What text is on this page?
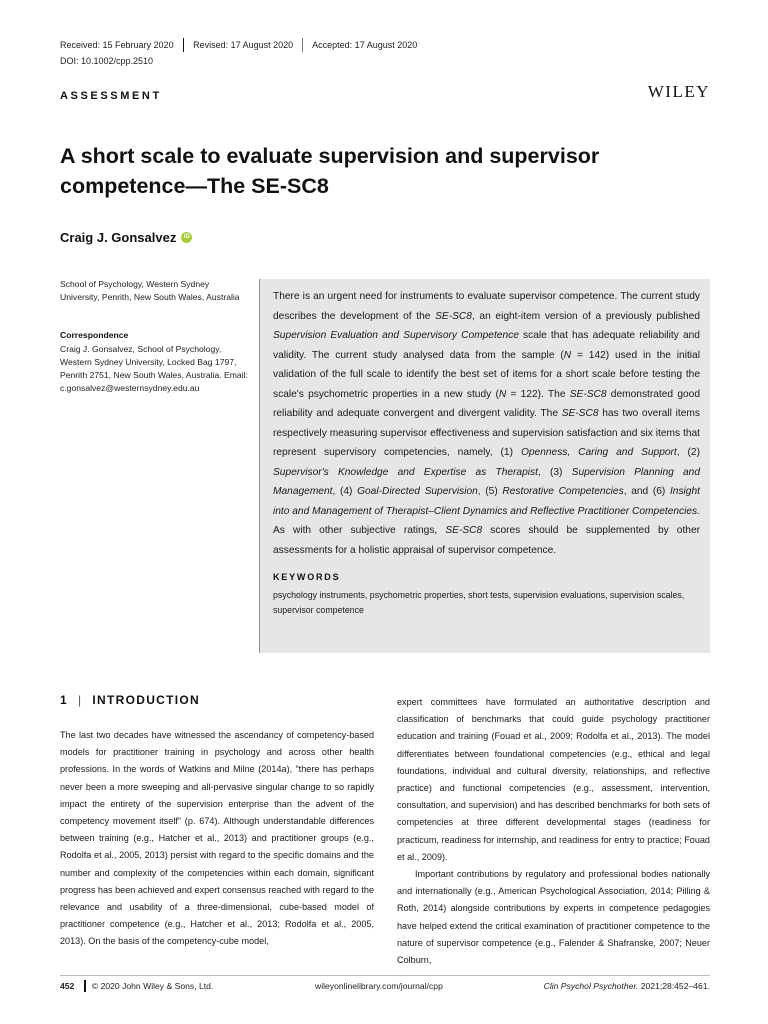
Received: 15 February 2020	Revised: 17 August 2020	Accepted: 17 August 2020
DOI: 10.1002/cpp.2510
ASSESSMENT	WILEY
A short scale to evaluate supervision and supervisor competence—The SE-SC8
Craig J. Gonsalvez	iD
School of Psychology, Western Sydney University, Penrith, New South Wales, Australia
Correspondence
Craig J. Gonsalvez, School of Psychology, Western Sydney University, Locked Bag 1797, Penrith 2751, New South Wales, Australia. Email: c.gonsalvez@westernsydney.edu.au

There is an urgent need for instruments to evaluate supervisor competence. The current study describes the development of the SE-SC8, an eight-item version of a previously published Supervision Evaluation and Supervisory Competence scale that has adequate reliability and validity. The current study analysed data from the sample (N = 142) used in the initial validation of the full scale to identify the best set of items for a short scale before testing the scale's psychometric properties in a new study (N = 122). The SE-SC8 demonstrated good reliability and adequate convergent and divergent validity. The SE-SC8 has two overall items respectively measuring supervisor effectiveness and supervision satisfaction and six items that represent supervisory competencies, namely, (1) Openness, Caring and Support, (2) Supervisor's Knowledge and Expertise as Therapist, (3) Supervision Planning and Management, (4) Goal-Directed Supervision, (5) Restorative Competencies, and (6) Insight into and Management of Therapist–Client Dynamics and Reflective Practitioner Competencies. As with other subjective ratings, SE-SC8 scores should be supplemented by other assessments for a holistic appraisal of supervisor competence.

KEYWORDS
psychology instruments, psychometric properties, short tests, supervision evaluations, supervision scales, supervisor competence
1 | INTRODUCTION

The last two decades have witnessed the ascendancy of competency-based models for practitioner training in psychology and across other health professions. In the words of Watkins and Milne (2014a), “there has perhaps never been a more sweeping and all-pervasive singular change to so rapidly impact the entirety of the supervision enterprise than the advent of the competency movement itself” (p. 674). Although understandable differences between training (e.g., Hatcher et al., 2013) and practitioner groups (e.g., Rodolfa et al., 2005, 2013) persist with regard to the specific domains and the number and complexity of the competencies within each domain, significant progress has been achieved and expert consensus reached with regard to the relevance and usability of a three-dimensional, cube-based model of practitioner competence (e.g., Hatcher et al., 2013; Rodolfa et al., 2005, 2013). On the basis of the competency-cube model,

expert committees have formulated an authoritative description and classification of benchmarks that could guide psychology practitioner education and training (Fouad et al., 2009; Rodolfa et al., 2013). The model differentiates between foundational competencies (e.g., ethical and legal foundations, individual and cultural diversity, relationships, and reflective practice) and functional competencies (e.g., assessment, intervention, consultation, and supervision) and has described benchmarks for both sets of competencies at three different developmental stages (readiness for practicum, readiness for internship, and readiness for entry to practice; Fouad et al., 2009).

Important contributions by regulatory and professional bodies nationally and internationally (e.g., American Psychological Association, 2014; Pilling & Roth, 2014) alongside contributions by experts in competence pedagogies have helped extend the critical examination of practitioner competence to the nature of supervisor competence (e.g., Falender & Shafranske, 2007; Neuer Colburn,

452	© 2020 John Wiley & Sons, Ltd.	wileyonlinelibrary.com/journal/cpp	Clin Psychol Psychother. 2021;28:452–461.
